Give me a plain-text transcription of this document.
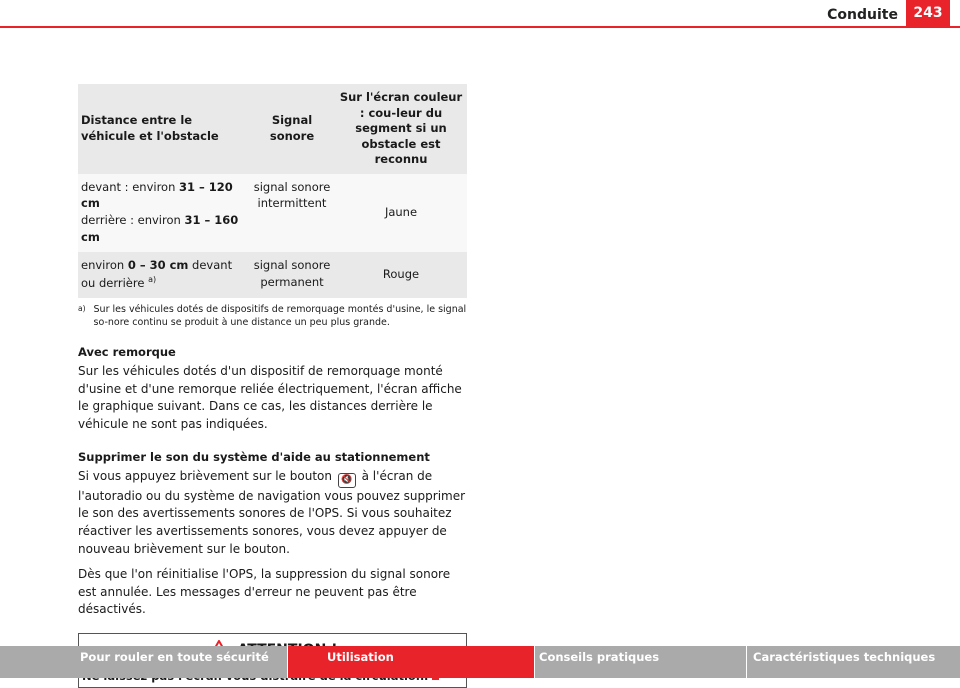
Conduite	243
Distance entre le véhicule et l'obstacle	Signal sonore	Sur l'écran couleur : cou-leur du segment si un obstacle est reconnu
devant : environ 31 – 120 cm
derrière : environ 31 – 160 cm	signal sonore intermittent	Jaune
environ 0 – 30 cm devant ou derrière $^{a)}$	signal sonore permanent	Rouge
a) Sur les véhicules dotés de dispositifs de remorquage montés d'usine, le signal so-nore continu se produit à une distance un peu plus grande.
Avec remorque

Sur les véhicules dotés d'un dispositif de remorquage monté d'usine et d'une remorque reliée électriquement, l'écran affiche le graphique suivant. Dans ce cas, les distances derrière le véhicule ne sont pas indiquées.

Supprimer le son du système d'aide au stationnement

Si vous appuyez brièvement sur le bouton 🔇 à l'écran de l'autoradio ou du système de navigation vous pouvez supprimer le son des avertissements sonores de l'OPS. Si vous souhaitez réactiver les avertissements sonores, vous devez appuyer de nouveau brièvement sur le bouton.

Dès que l'on réinitialise l'OPS, la suppression du signal sonore est annulée. Les messages d'erreur ne peuvent pas être désactivés.

Pour rouler en toute sécurité	Utilisation	Conseils pratiques	Caractéristiques techniques
